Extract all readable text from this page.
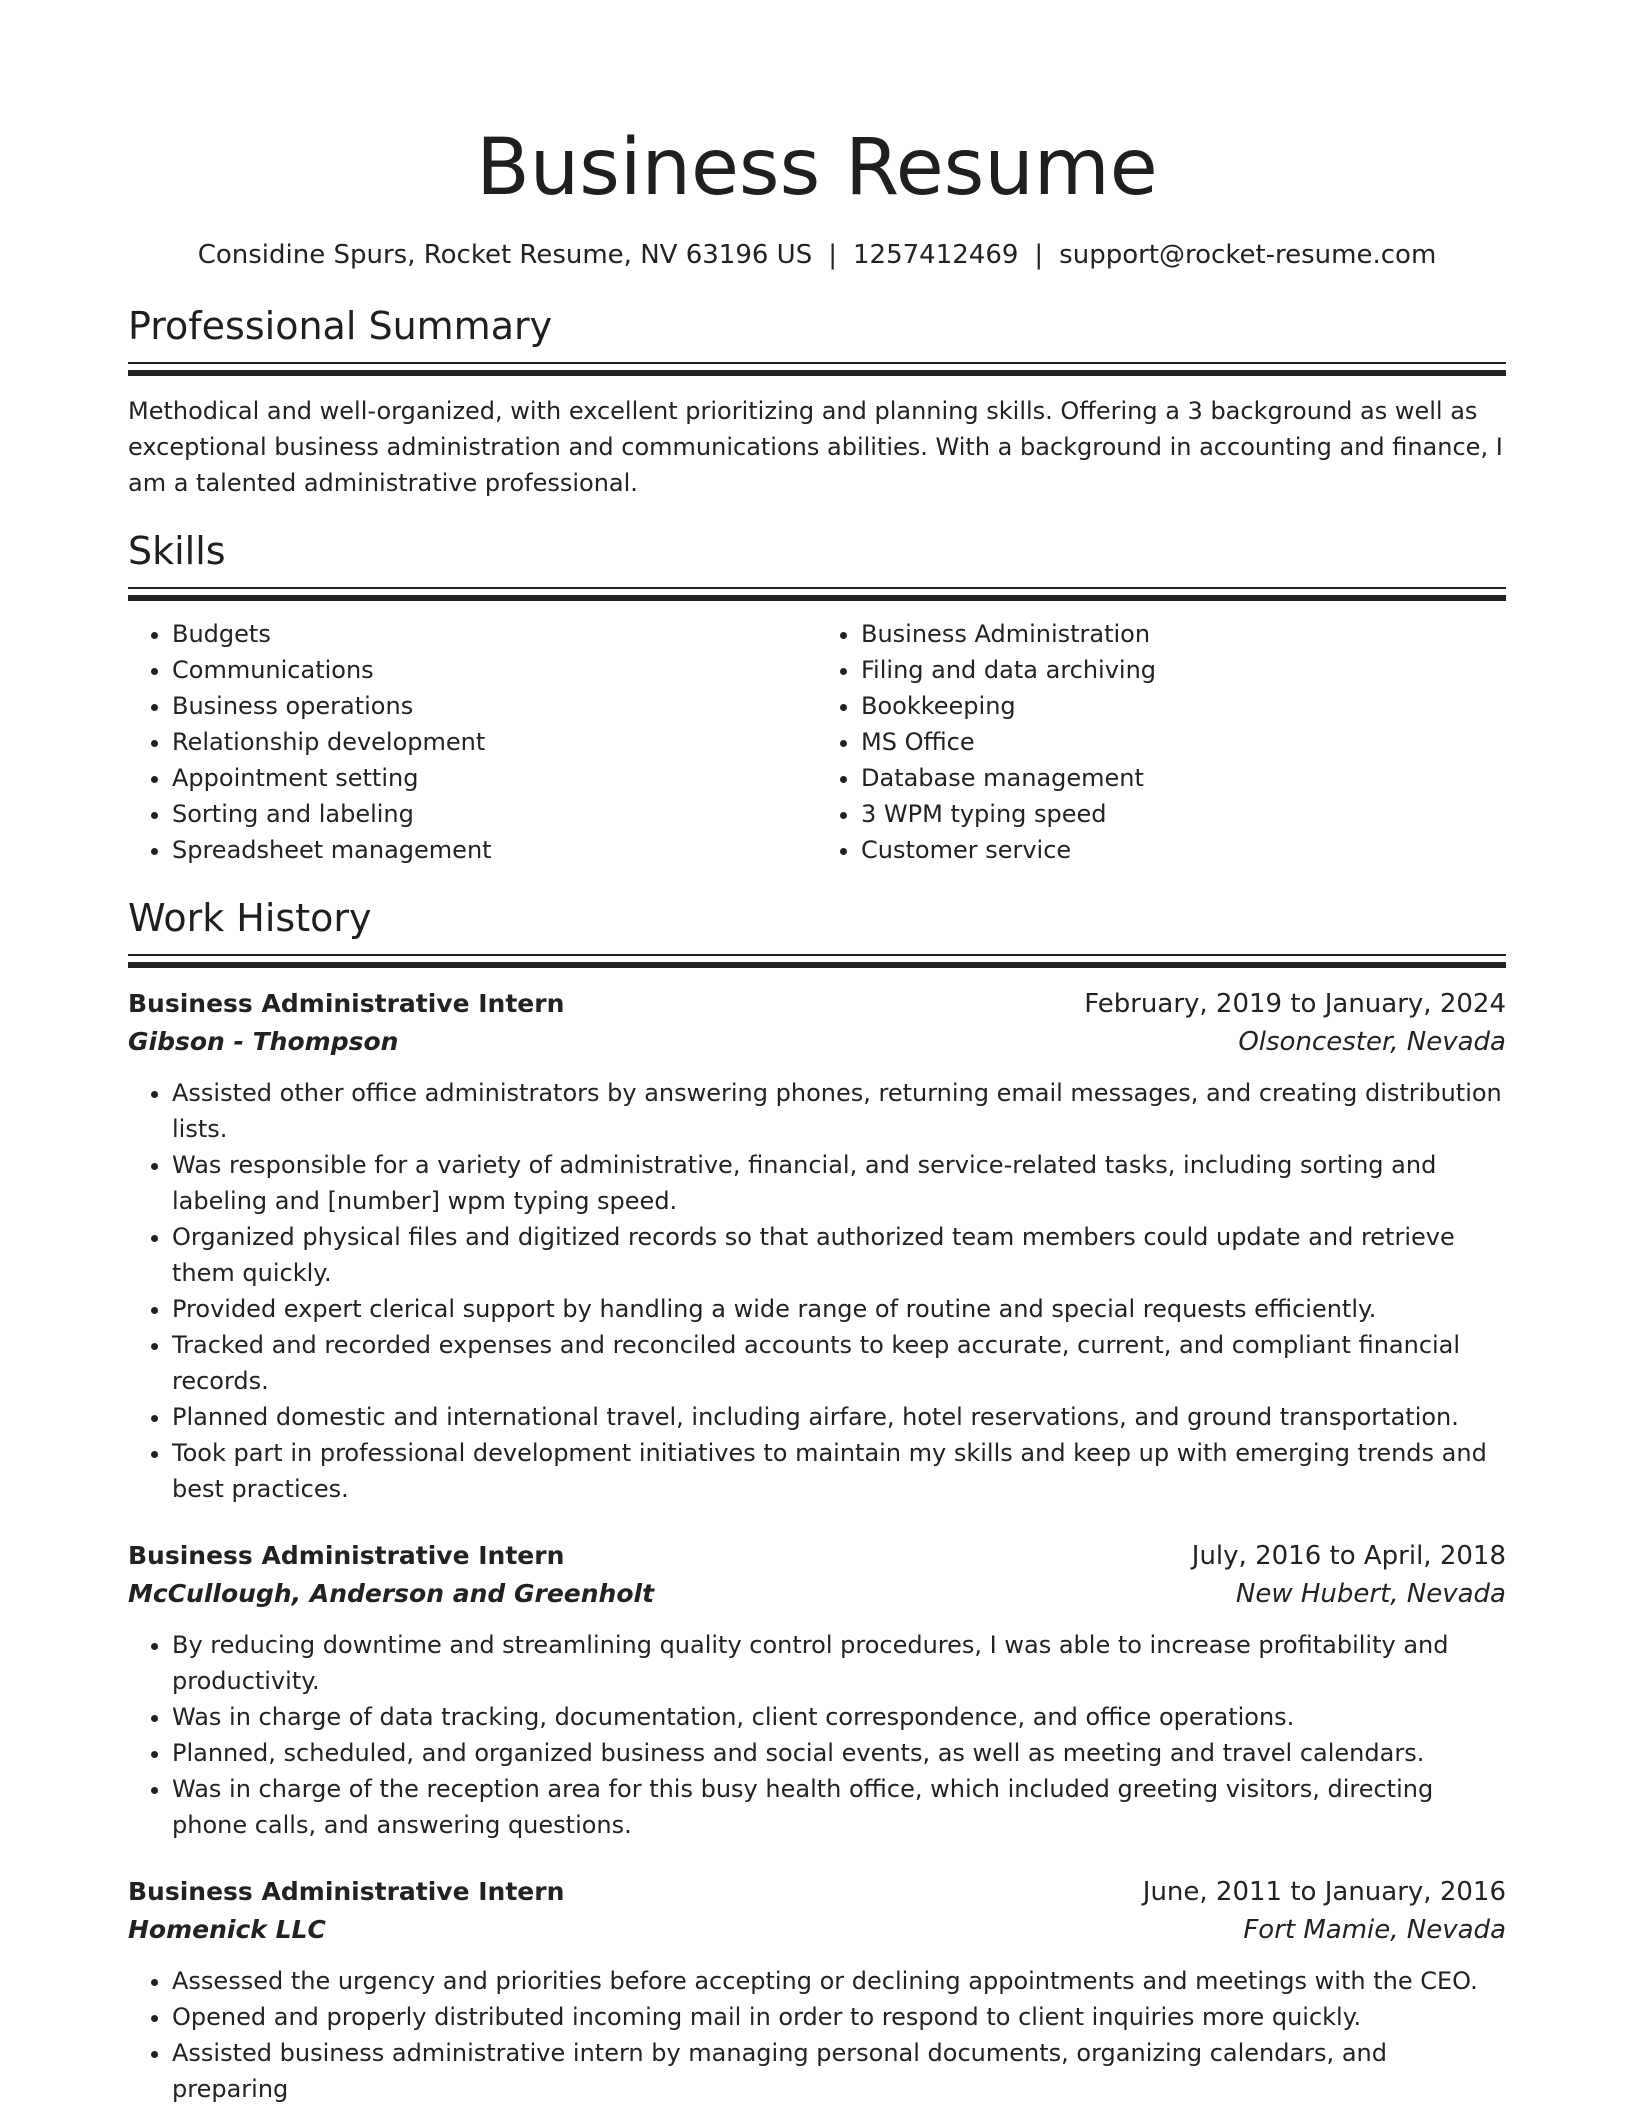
Business Resume
Considine Spurs, Rocket Resume, NV 63196 US | 1257412469 | support@rocket-resume.com
Professional Summary
Methodical and well-organized, with excellent prioritizing and planning skills. Offering a 3 background as well as exceptional business administration and communications abilities. With a background in accounting and finance, I am a talented administrative professional.
Skills
• Budgets
• Communications
• Business operations
• Relationship development
• Appointment setting
• Sorting and labeling
• Spreadsheet management
• Business Administration
• Filing and data archiving
• Bookkeeping
• MS Office
• Database management
• 3 WPM typing speed
• Customer service
Work History
Business Administrative Intern	February, 2019 to January, 2024
Gibson - Thompson	Olsoncester, Nevada
• Assisted other office administrators by answering phones, returning email messages, and creating distribution lists.
• Was responsible for a variety of administrative, financial, and service-related tasks, including sorting and labeling and [number] wpm typing speed.
• Organized physical files and digitized records so that authorized team members could update and retrieve them quickly.
• Provided expert clerical support by handling a wide range of routine and special requests efficiently.
• Tracked and recorded expenses and reconciled accounts to keep accurate, current, and compliant financial records.
• Planned domestic and international travel, including airfare, hotel reservations, and ground transportation.
• Took part in professional development initiatives to maintain my skills and keep up with emerging trends and best practices.
Business Administrative Intern	July, 2016 to April, 2018
McCullough, Anderson and Greenholt	New Hubert, Nevada
• By reducing downtime and streamlining quality control procedures, I was able to increase profitability and productivity.
• Was in charge of data tracking, documentation, client correspondence, and office operations.
• Planned, scheduled, and organized business and social events, as well as meeting and travel calendars.
• Was in charge of the reception area for this busy health office, which included greeting visitors, directing phone calls, and answering questions.
Business Administrative Intern	June, 2011 to January, 2016
Homenick LLC	Fort Mamie, Nevada
• Assessed the urgency and priorities before accepting or declining appointments and meetings with the CEO.
• Opened and properly distributed incoming mail in order to respond to client inquiries more quickly.
• Assisted business administrative intern by managing personal documents, organizing calendars, and preparing
